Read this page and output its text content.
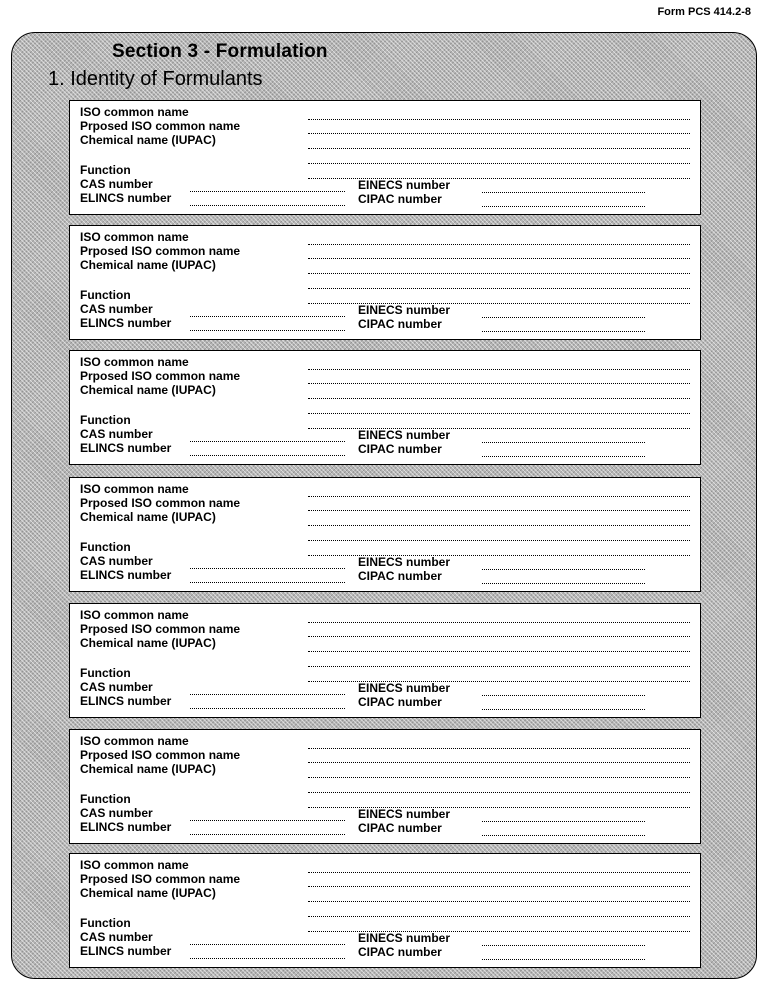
Form PCS 414.2-8
Section 3 - Formulation
1. Identity of Formulants
ISO common name
Prposed ISO common name
Chemical name (IUPAC)
Function
CAS number
ELINCS number
EINECS number
CIPAC number
ISO common name
Prposed ISO common name
Chemical name (IUPAC)
Function
CAS number
ELINCS number
EINECS number
CIPAC number
ISO common name
Prposed ISO common name
Chemical name (IUPAC)
Function
CAS number
ELINCS number
EINECS number
CIPAC number
ISO common name
Prposed ISO common name
Chemical name (IUPAC)
Function
CAS number
ELINCS number
EINECS number
CIPAC number
ISO common name
Prposed ISO common name
Chemical name (IUPAC)
Function
CAS number
ELINCS number
EINECS number
CIPAC number
ISO common name
Prposed ISO common name
Chemical name (IUPAC)
Function
CAS number
ELINCS number
EINECS number
CIPAC number
ISO common name
Prposed ISO common name
Chemical name (IUPAC)
Function
CAS number
ELINCS number
EINECS number
CIPAC number
